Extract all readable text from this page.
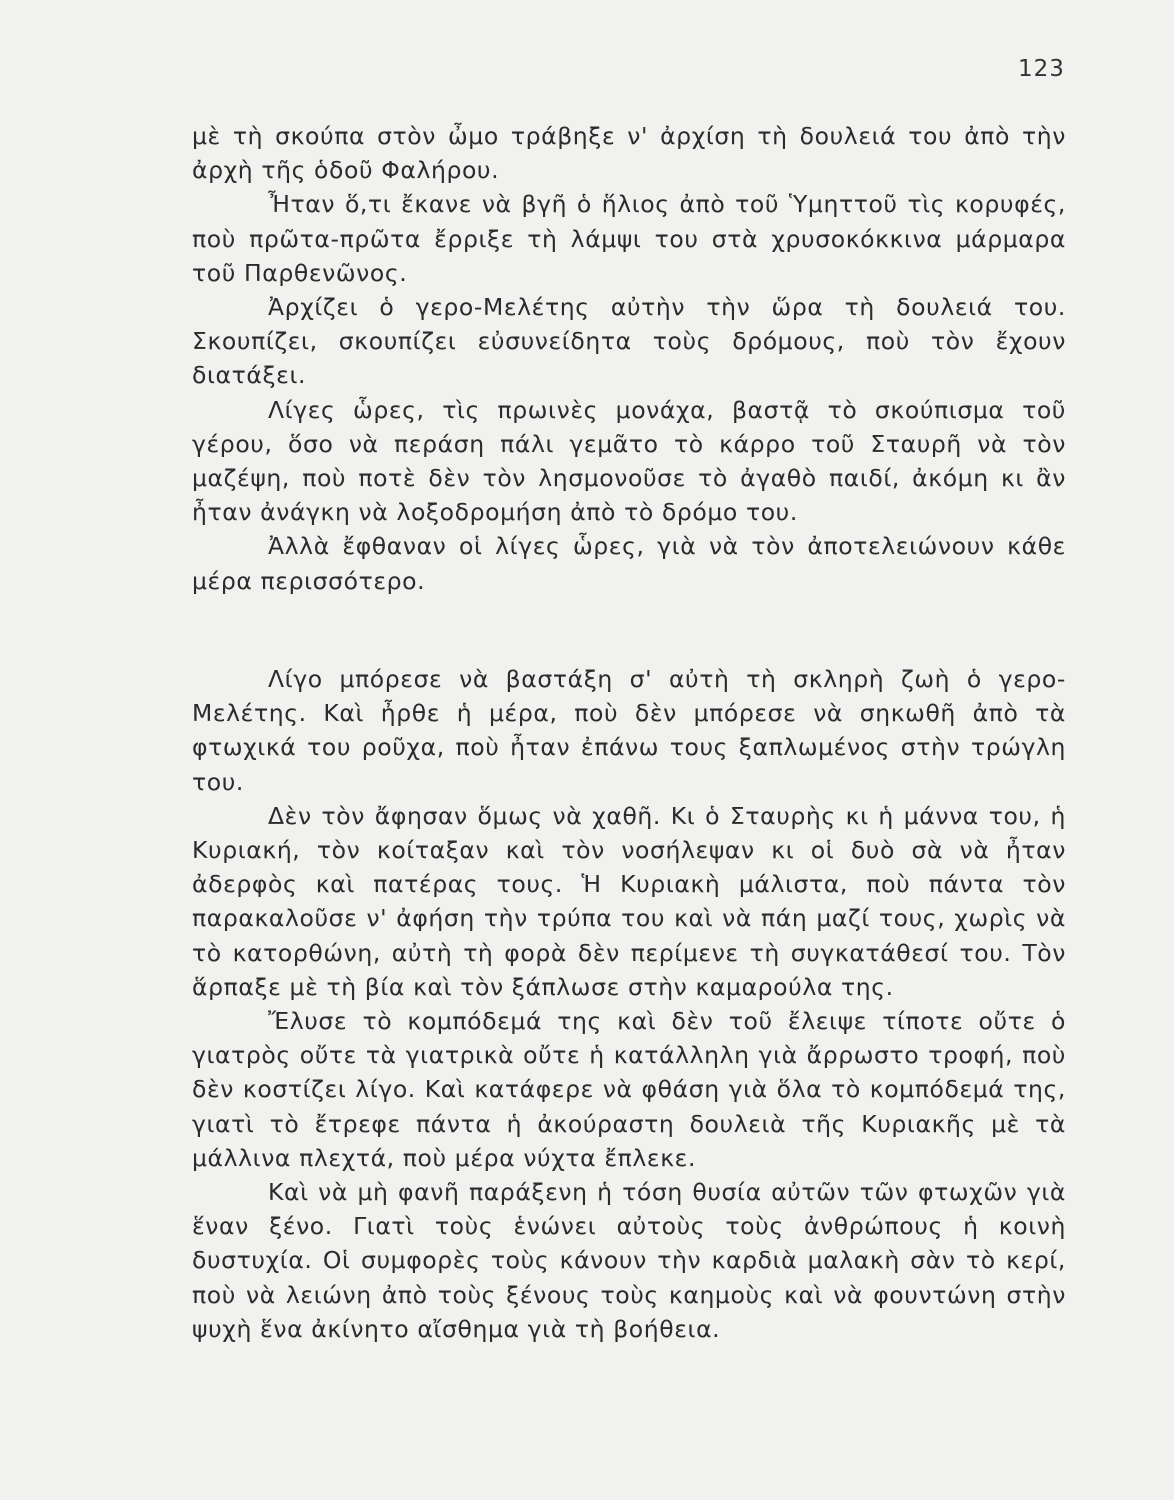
123

μὲ τὴ σκούπα στὸν ὦμο τράβηξε ν' ἀρχίση τὴ δουλειά του ἀπὸ τὴν ἀρχὴ τῆς ὁδοῦ Φαλήρου.

Ἦταν ὅ,τι ἔκανε νὰ βγῆ ὁ ἥλιος ἀπὸ τοῦ Ὑμηττοῦ τὶς κορυφές, ποὺ πρῶτα-πρῶτα ἔρριξε τὴ λάμψι του στὰ χρυσοκόκκινα μάρμαρα τοῦ Παρθενῶνος.

Ἀρχίζει ὁ γερο-Μελέτης αὐτὴν τὴν ὥρα τὴ δουλειά του. Σκουπίζει, σκουπίζει εὐσυνείδητα τοὺς δρόμους, ποὺ τὸν ἔχουν διατάξει.

Λίγες ὧρες, τὶς πρωινὲς μονάχα, βαστᾷ τὸ σκούπισμα τοῦ γέρου, ὅσο νὰ περάση πάλι γεμᾶτο τὸ κάρρο τοῦ Σταυρῆ νὰ τὸν μαζέψη, ποὺ ποτὲ δὲν τὸν λησμονοῦσε τὸ ἀγαθὸ παιδί, ἀκόμη κι ἂν ἦταν ἀνάγκη νὰ λοξοδρομήση ἀπὸ τὸ δρόμο του.

Ἀλλὰ ἔφθαναν οἱ λίγες ὧρες, γιὰ νὰ τὸν ἀποτελειώνουν κάθε μέρα περισσότερο.

Λίγο μπόρεσε νὰ βαστάξη σ' αὐτὴ τὴ σκληρὴ ζωὴ ὁ γερο-Μελέτης. Καὶ ἦρθε ἡ μέρα, ποὺ δὲν μπόρεσε νὰ σηκωθῆ ἀπὸ τὰ φτωχικά του ροῦχα, ποὺ ἦταν ἐπάνω τους ξαπλωμένος στὴν τρώγλη του.

Δὲν τὸν ἄφησαν ὅμως νὰ χαθῆ. Κι ὁ Σταυρὴς κι ἡ μάννα του, ἡ Κυριακή, τὸν κοίταξαν καὶ τὸν νοσήλεψαν κι οἱ δυὸ σὰ νὰ ἦταν ἀδερφὸς καὶ πατέρας τους. Ἡ Κυριακὴ μάλιστα, ποὺ πάντα τὸν παρακαλοῦσε ν' ἀφήση τὴν τρύπα του καὶ νὰ πάη μαζί τους, χωρὶς νὰ τὸ κατορθώνη, αὐτὴ τὴ φορὰ δὲν περίμενε τὴ συγκατάθεσί του. Τὸν ἅρπαξε μὲ τὴ βία καὶ τὸν ξάπλωσε στὴν καμαρούλα της.

Ἔλυσε τὸ κομπόδεμά της καὶ δὲν τοῦ ἔλειψε τίποτε οὔτε ὁ γιατρὸς οὔτε τὰ γιατρικὰ οὔτε ἡ κατάλληλη γιὰ ἄρρωστο τροφή, ποὺ δὲν κοστίζει λίγο. Καὶ κατάφερε νὰ φθάση γιὰ ὅλα τὸ κομπόδεμά της, γιατὶ τὸ ἔτρεφε πάντα ἡ ἀκούραστη δουλειὰ τῆς Κυριακῆς μὲ τὰ μάλλινα πλεχτά, ποὺ μέρα νύχτα ἔπλεκε.

Καὶ νὰ μὴ φανῆ παράξενη ἡ τόση θυσία αὐτῶν τῶν φτωχῶν γιὰ ἕναν ξένο. Γιατὶ τοὺς ἑνώνει αὐτοὺς τοὺς ἀνθρώπους ἡ κοινὴ δυστυχία. Οἱ συμφορὲς τοὺς κάνουν τὴν καρδιὰ μαλακὴ σὰν τὸ κερί, ποὺ νὰ λειώνη ἀπὸ τοὺς ξένους τοὺς καημοὺς καὶ νὰ φουντώνη στὴν ψυχὴ ἕνα ἀκίνητο αἴσθημα γιὰ τὴ βοήθεια.
